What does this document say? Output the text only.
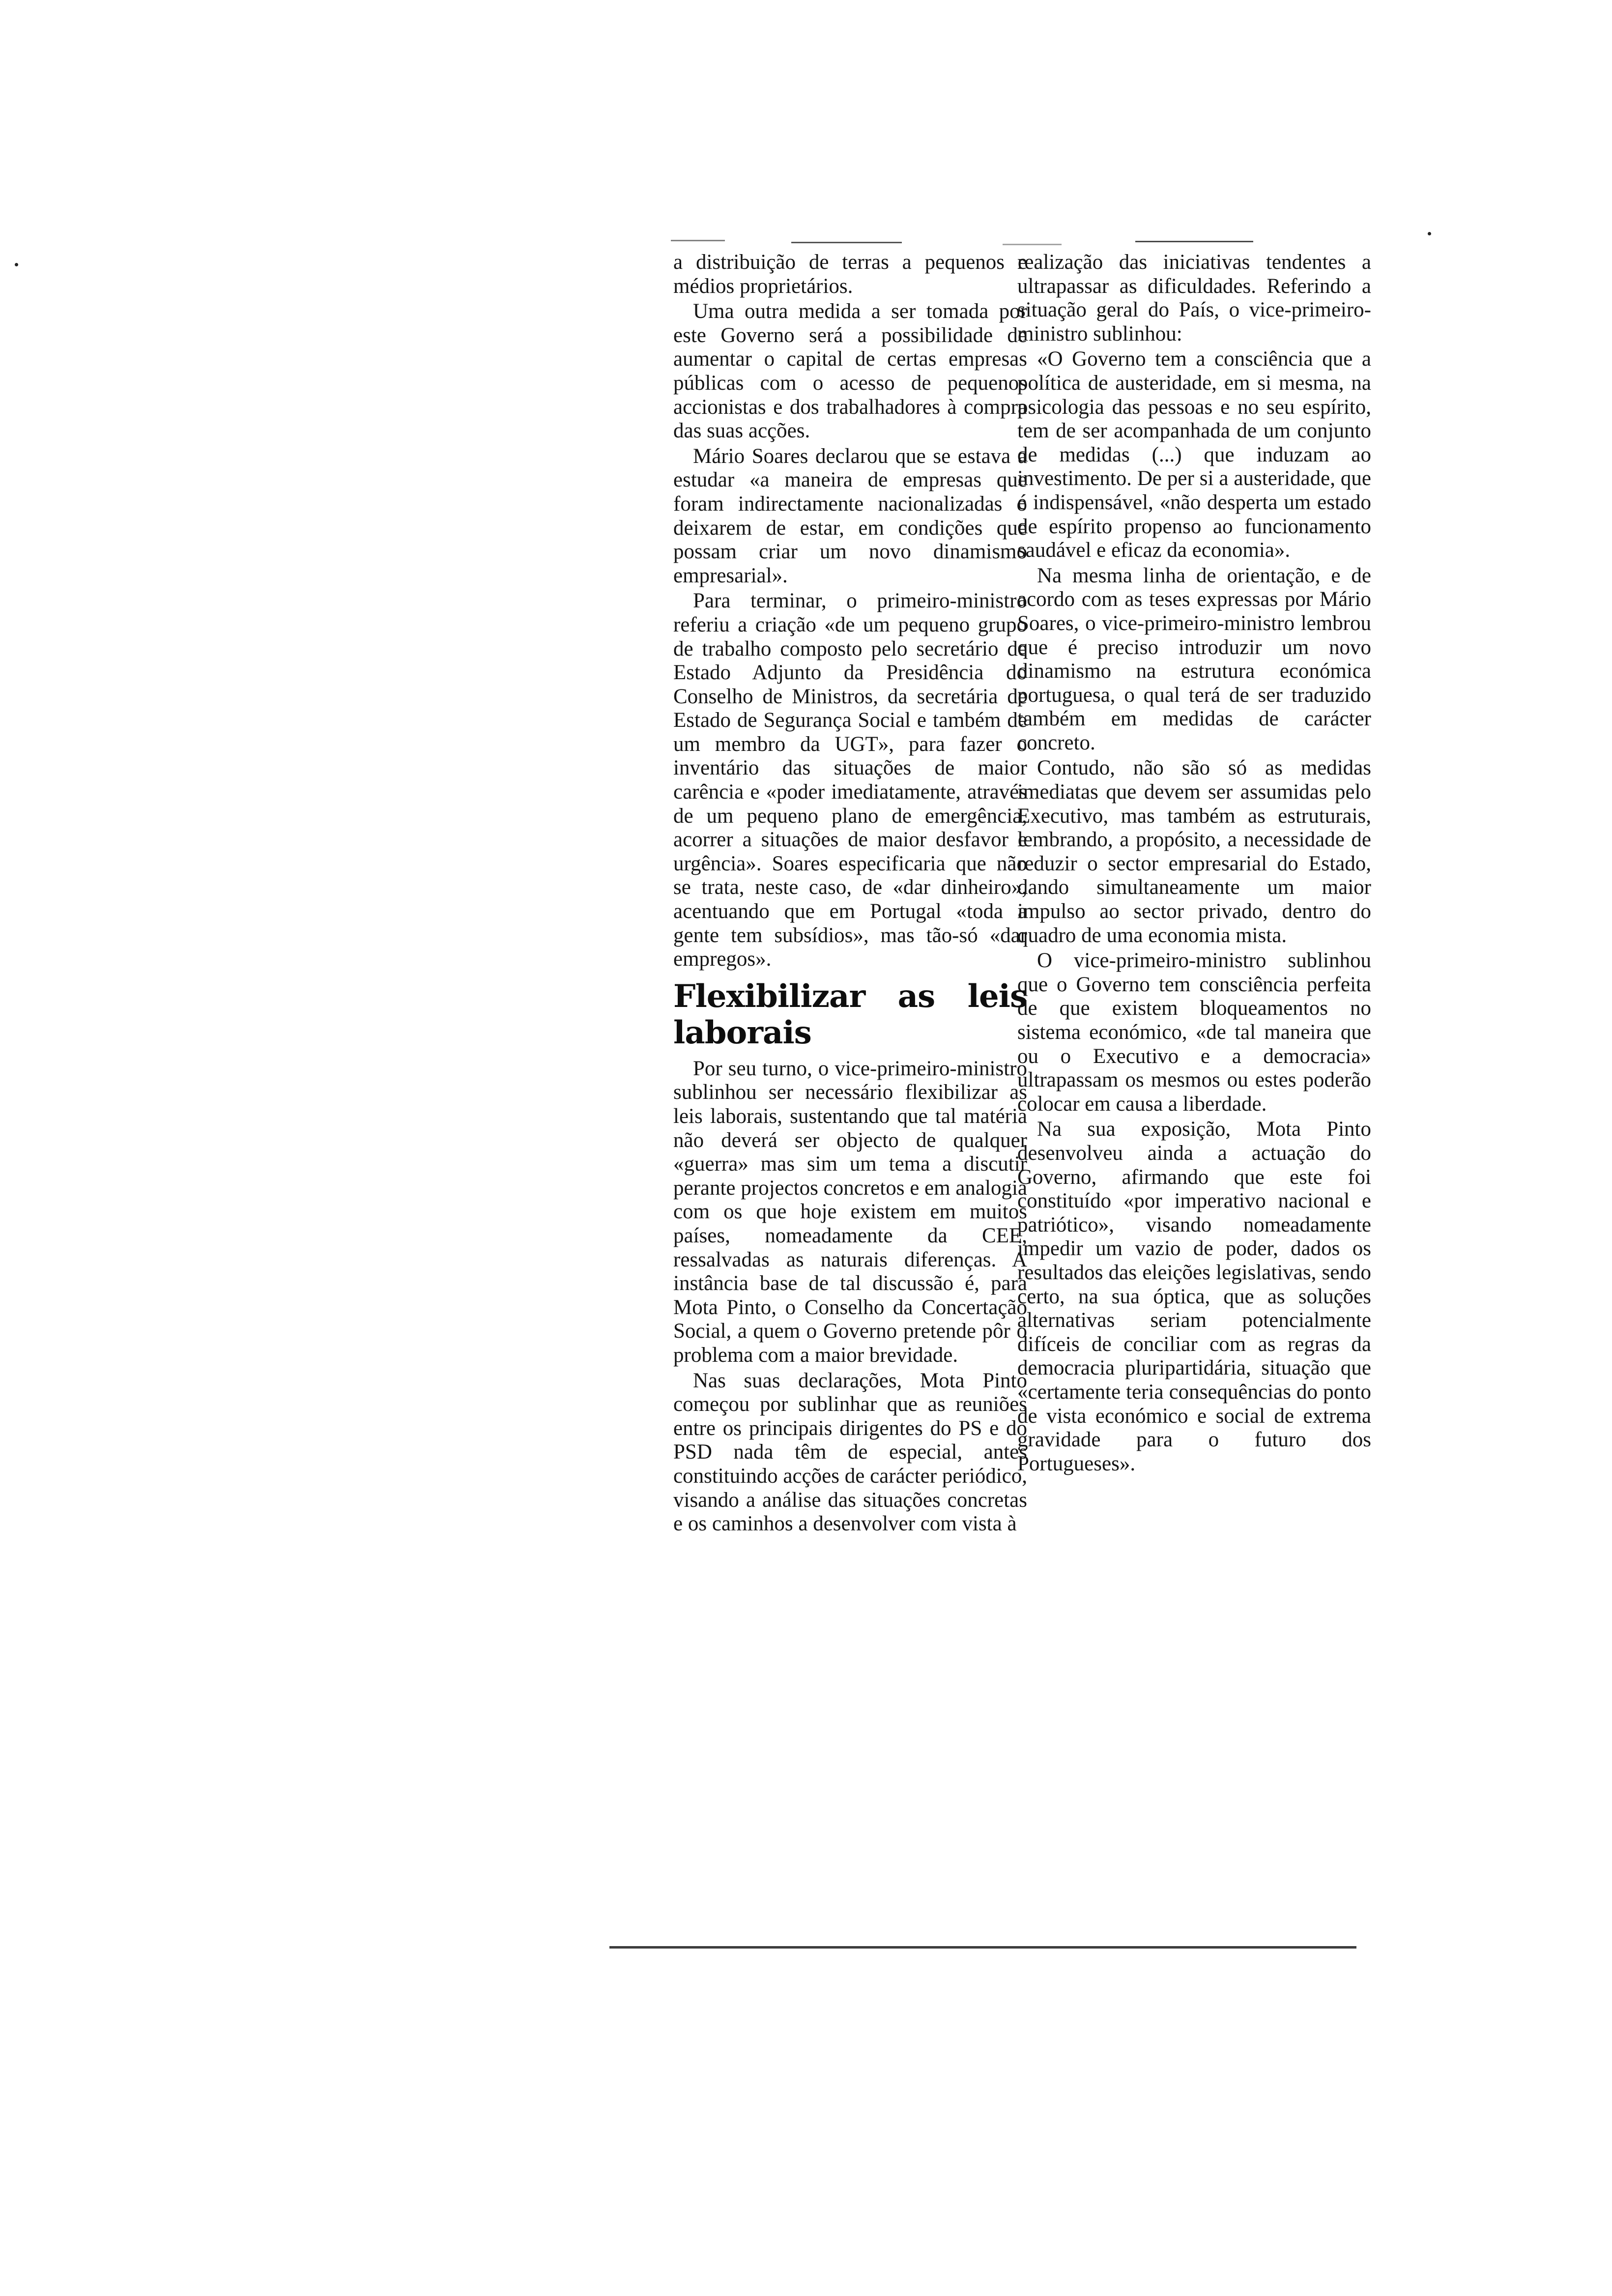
a distribuição de terras a pequenos e médios proprietários.

Uma outra medida a ser tomada por este Governo será a possibilidade de aumentar o capital de certas empresas públicas com o acesso de pequenos accionistas e dos trabalhadores à compra das suas acções.

Mário Soares declarou que se estava a estudar «a maneira de empresas que foram indirectamente nacionalizadas o deixarem de estar, em condições que possam criar um novo dinamismo empresarial».

Para terminar, o primeiro-ministro referiu a criação «de um pequeno grupo de trabalho composto pelo secretário de Estado Adjunto da Presidência do Conselho de Ministros, da secretária de Estado de Segurança Social e também de um membro da UGT», para fazer o inventário das situações de maior carência e «poder imediatamente, através de um pequeno plano de emergência, acorrer a situações de maior desfavor e urgência». Soares especificaria que não se trata, neste caso, de «dar dinheiro», acentuando que em Portugal «toda a gente tem subsídios», mas tão-só «dar empregos».

Flexibilizar as leis laborais

Por seu turno, o vice-primeiro-ministro sublinhou ser necessário flexibilizar as leis laborais, sustentando que tal matéria não deverá ser objecto de qualquer «guerra» mas sim um tema a discutir perante projectos concretos e em analogia com os que hoje existem em muitos países, nomeadamente da CEE, ressalvadas as naturais diferenças. A instância base de tal discussão é, para Mota Pinto, o Conselho da Concertação Social, a quem o Governo pretende pôr o problema com a maior brevidade.

Nas suas declarações, Mota Pinto começou por sublinhar que as reuniões entre os principais dirigentes do PS e do PSD nada têm de especial, antes constituindo acções de carácter periódico, visando a análise das situações concretas e os caminhos a desenvolver com vista à

realização das iniciativas tendentes a ultrapassar as dificuldades. Referindo a situação geral do País, o vice-primeiro-ministro sublinhou:

«O Governo tem a consciência que a política de austeridade, em si mesma, na psicologia das pessoas e no seu espírito, tem de ser acompanhada de um conjunto de medidas (...) que induzam ao investimento. De per si a austeridade, que é indispensável, «não desperta um estado de espírito propenso ao funcionamento saudável e eficaz da economia».

Na mesma linha de orientação, e de acordo com as teses expressas por Mário Soares, o vice-primeiro-ministro lembrou que é preciso introduzir um novo dinamismo na estrutura económica portuguesa, o qual terá de ser traduzido também em medidas de carácter concreto.

Contudo, não são só as medidas imediatas que devem ser assumidas pelo Executivo, mas também as estruturais, lembrando, a propósito, a necessidade de reduzir o sector empresarial do Estado, dando simultaneamente um maior impulso ao sector privado, dentro do quadro de uma economia mista.

O vice-primeiro-ministro sublinhou que o Governo tem consciência perfeita de que existem bloqueamentos no sistema económico, «de tal maneira que ou o Executivo e a democracia» ultrapassam os mesmos ou estes poderão colocar em causa a liberdade.

Na sua exposição, Mota Pinto desenvolveu ainda a actuação do Governo, afirmando que este foi constituído «por imperativo nacional e patriótico», visando nomeadamente impedir um vazio de poder, dados os resultados das eleições legislativas, sendo certo, na sua óptica, que as soluções alternativas seriam potencialmente difíceis de conciliar com as regras da democracia pluripartidária, situação que «certamente teria consequências do ponto de vista económico e social de extrema gravidade para o futuro dos Portugueses».
